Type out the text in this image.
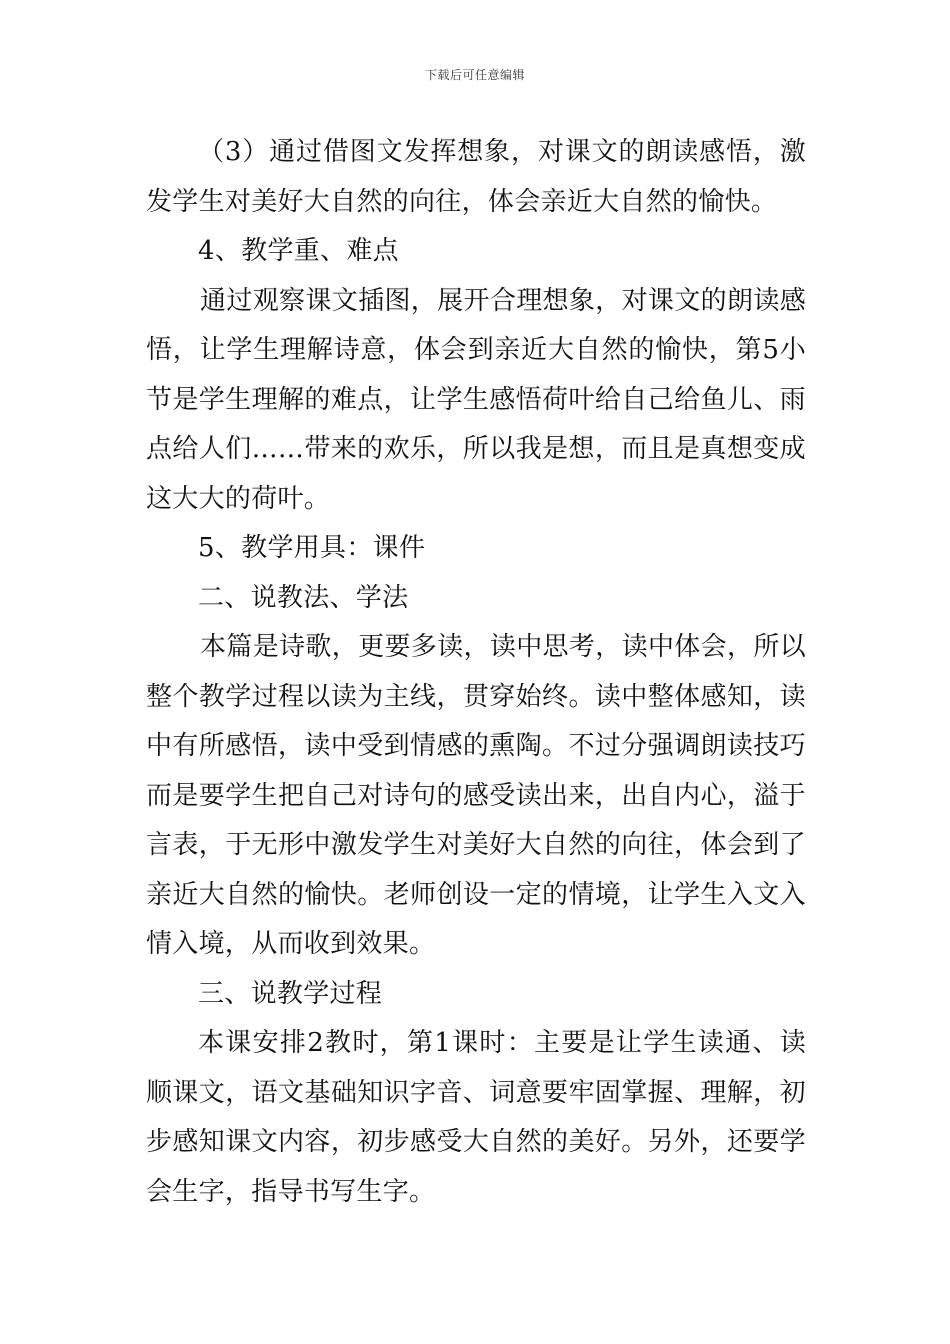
下载后可任意编辑

（3）通过借图文发挥想象，对课文的朗读感悟，激发学生对美好大自然的向往，体会亲近大自然的愉快。

4、教学重、难点

通过观察课文插图，展开合理想象，对课文的朗读感悟，让学生理解诗意，体会到亲近大自然的愉快，第5小节是学生理解的难点，让学生感悟荷叶给自己给鱼儿、雨点给人们……带来的欢乐，所以我是想，而且是真想变成这大大的荷叶。

5、教学用具：课件

二、说教法、学法

本篇是诗歌，更要多读，读中思考，读中体会，所以整个教学过程以读为主线，贯穿始终。读中整体感知，读中有所感悟，读中受到情感的熏陶。不过分强调朗读技巧而是要学生把自己对诗句的感受读出来，出自内心，溢于言表，于无形中激发学生对美好大自然的向往，体会到了亲近大自然的愉快。老师创设一定的情境，让学生入文入情入境，从而收到效果。

三、说教学过程

本课安排2教时，第1课时：主要是让学生读通、读顺课文，语文基础知识字音、词意要牢固掌握、理解，初步感知课文内容，初步感受大自然的美好。另外，还要学会生字，指导书写生字。
